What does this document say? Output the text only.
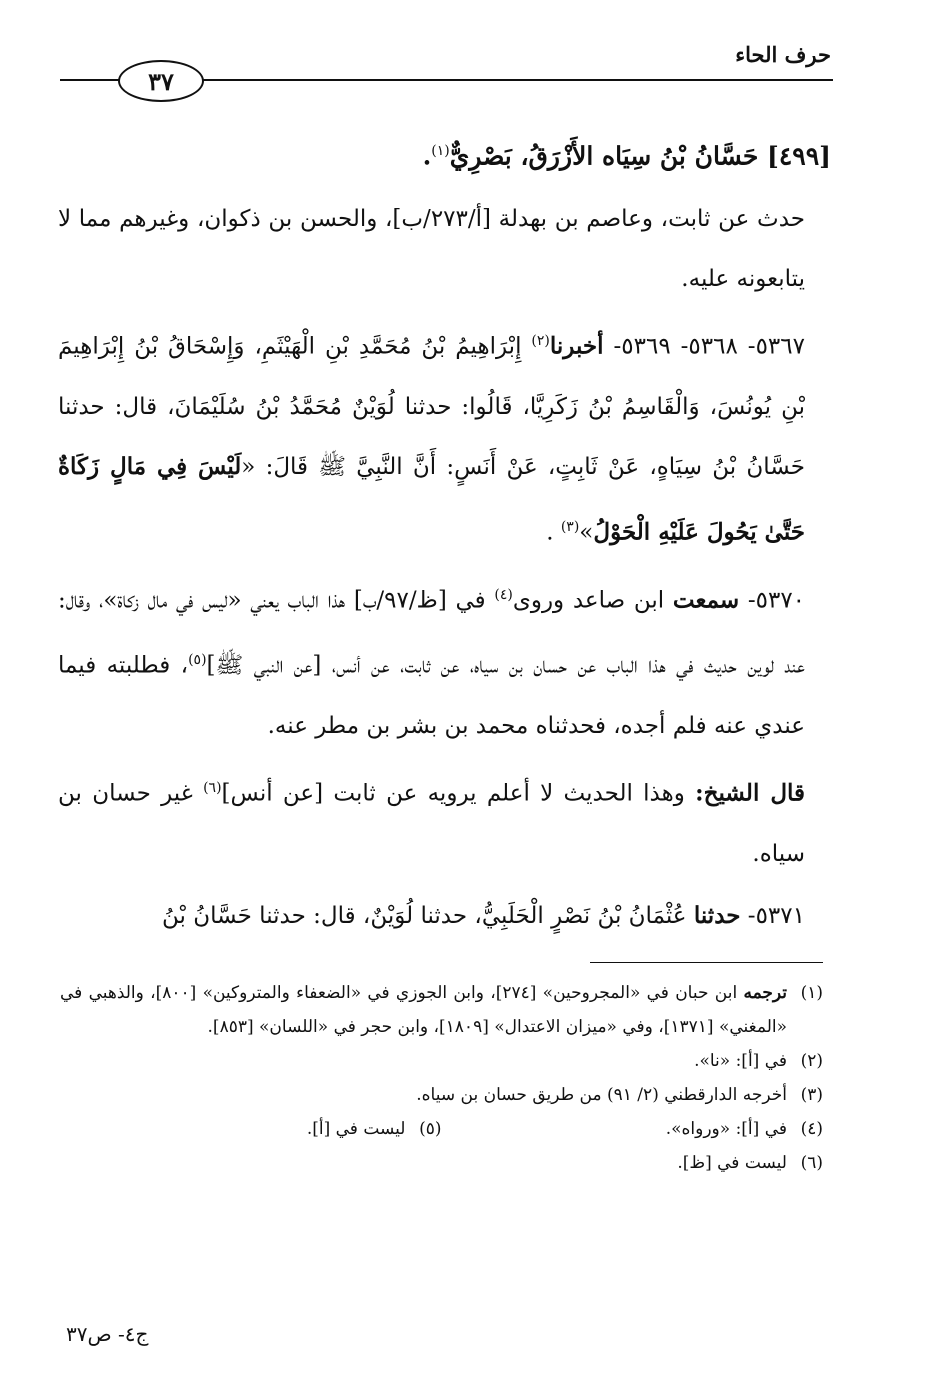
حرف الحاء
٣٧
[٤٩٩] حَسَّانُ بْنُ سِيَاه الأَزْرَقُ، بَصْرِيٌّ$^{(١)}$.

حدث عن ثابت، وعاصم بن بهدلة [أ/٢٧٣/ب]، والحسن بن ذكوان، وغيرهم مما لا يتابعونه عليه.

٥٣٦٧- ٥٣٦٨- ٥٣٦٩- أخبرنا$^{(٢)}$ إِبْرَاهِيمُ بْنُ مُحَمَّدِ بْنِ الْهَيْثَمِ، وَإِسْحَاقُ بْنُ إِبْرَاهِيمَ بْنِ يُونُسَ، وَالْقَاسِمُ بْنُ زَكَرِيَّا، قَالُوا: حدثنا لُوَيْنٌ مُحَمَّدُ بْنُ سُلَيْمَانَ، قال: حدثنا حَسَّانُ بْنُ سِيَاهٍ، عَنْ ثَابِتٍ، عَنْ أَنَسٍ: أَنَّ النَّبِيَّ ﷺ قَالَ: «لَيْسَ فِي مَالٍ زَكَاةٌ حَتَّىٰ يَحُولَ عَلَيْهِ الْحَوْلُ»$^{(٣)}$ .

٥٣٧٠- سمعت ابن صاعد وروى$^{(٤)}$ في [ظ/٩٧/ب] هذا الباب يعني «ليس في مال زكاة»، وقال: عند لوين حديث في هذا الباب عن حسان بن سياه، عن ثابت، عن أنس، [عن النبي ﷺ]$^{(٥)}$، فطلبته فيما عندي عنه فلم أجده، فحدثناه محمد بن بشر بن مطر عنه.

قال الشيخ: وهذا الحديث لا أعلم يرويه عن ثابت [عن أنس]$^{(٦)}$ غير حسان بن سياه.

٥٣٧١- حدثنا عُثْمَانُ بْنُ نَصْرٍ الْحَلَبِيُّ، حدثنا لُوَيْنٌ، قال: حدثنا حَسَّانُ بْنُ

(١)
ترجمه ابن حبان في «المجروحين» [٢٧٤]، وابن الجوزي في «الضعفاء والمتروكين» [٨٠٠]، والذهبي في «المغني» [١٣٧١]، وفي «ميزان الاعتدال» [١٨٠٩]، وابن حجر في «اللسان» [٨٥٣].
(٢)
في [أ]: «نا».
(٣)
أخرجه الدارقطني (٢/ ٩١) من طريق حسان بن سياه.
(٤)
في [أ]: «ورواه».
(٥)
ليست في [أ].
(٦)
ليست في [ظ].
ج٤- ص٣٧
